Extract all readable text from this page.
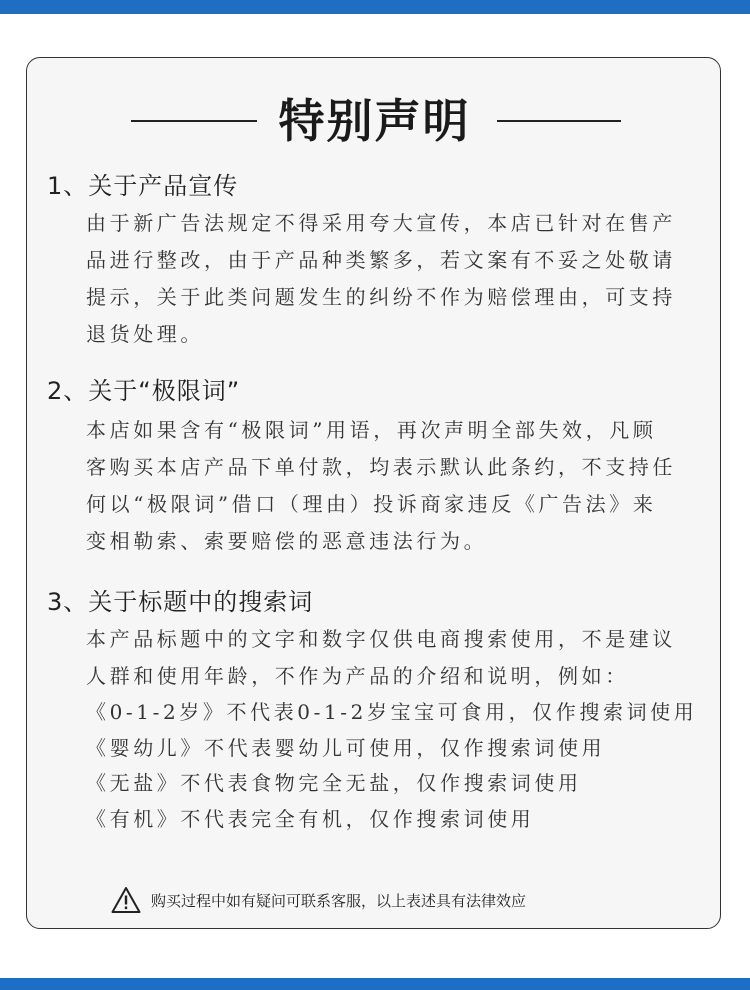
特别声明
1、关于产品宣传
由于新广告法规定不得采用夸大宣传，本店已针对在售产
品进行整改，由于产品种类繁多，若文案有不妥之处敬请
提示，关于此类问题发生的纠纷不作为赔偿理由，可支持
退货处理。
2、关于“极限词”
本店如果含有“极限词”用语，再次声明全部失效，凡顾
客购买本店产品下单付款，均表示默认此条约，不支持任
何以“极限词”借口（理由）投诉商家违反《广告法》来
变相勒索、索要赔偿的恶意违法行为。
3、关于标题中的搜索词
本产品标题中的文字和数字仅供电商搜索使用，不是建议
人群和使用年龄，不作为产品的介绍和说明，例如：
《0-1-2岁》不代表0-1-2岁宝宝可食用，仅作搜索词使用
《婴幼儿》不代表婴幼儿可使用，仅作搜索词使用
《无盐》不代表食物完全无盐，仅作搜索词使用
《有机》不代表完全有机，仅作搜索词使用
购买过程中如有疑问可联系客服，以上表述具有法律效应
